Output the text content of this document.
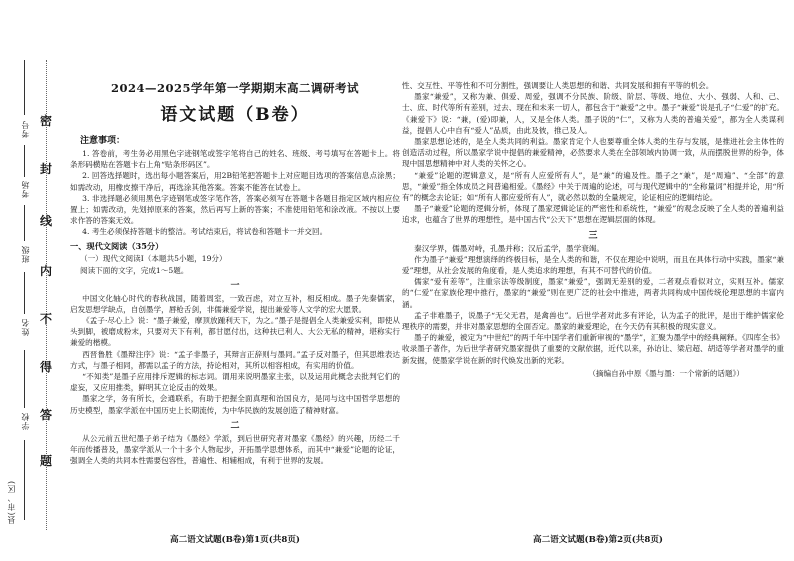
考号
考场
班级
姓名
学校
县(市、区)
密
封
线
内
不
得
答
题
2024—2025学年第一学期期末高二调研考试
语文试题（B卷）
注意事项：

1. 答卷前，考生务必用黑色字迹钢笔或签字笔将自己的姓名、班级、考号填写在答题卡上。将条形码横贴在答题卡右上角“贴条形码区”。

2. 回答选择题时，选出每小题答案后，用2B铅笔把答题卡上对应题目选项的答案信息点涂黑；如需改动，用橡皮擦干净后，再选涂其他答案。答案不能答在试卷上。

3. 非选择题必须用黑色字迹钢笔或签字笔作答，答案必须写在答题卡各题目指定区域内相应位置上；如需改动，先划掉原来的答案，然后再写上新的答案；不准使用铅笔和涂改液。不按以上要求作答的答案无效。

4. 考生必须保持答题卡的整洁。考试结束后，将试卷和答题卡一并交回。

一、现代文阅读（35分）
（一）现代文阅读Ⅰ（本题共5小题，19分）
阅读下面的文字，完成1～5题。
一

中国文化轴心时代的春秋战国，随着周室，一致百虑，对立互补，相反相成。墨子先秦儒家，启发思想学缺点，自创墨学，唇枪舌剑，非儒兼爱学说，提出兼爱等人文学的宏大愿景。

《孟子·尽心上》说：“墨子兼爱，摩顶放踵利天下，为之。”墨子是提倡全人类兼爱实利，即使从头到脚，被磨成粉末，只要对天下有利，都甘愿付出，这种扶已利人、大公无私的精神，堪称实行兼爱的楷模。

西晋鲁胜《墨辩注序》说：“孟子非墨子，其辩言正辞则与墨同。”孟子反对墨子，但其思维表达方式，与墨子相同，都需以孟子的方法，持论相对，其所以相容相成，有实用的价值。

“不知类”是墨子应用排斥逻辑的标志词。谓用来说明墨家主张，以及运用此概念去批判它们的虚妄，又应用推类，鲜明其立论反击的效果。

墨家之学，务有所长，会通联系，有助于把握全面真理和治国良方，是同与这中国哲学思想的历史模型，墨家学派在中国历史上长期流传，为中华民族的发展创造了精神财富。

二

从公元前五世纪墨子弟子结为《墨经》学派，到后世研究者对墨家《墨经》的兴趣，历经二千年而传播普及，墨家学派从一个十多个人物起步，开拓墨学思想体系，而其中“兼爱”论题的论证，强调全人类的共同本性需要包容性，普遍性、相辅相成，有利于世界的发展。

高二语文试题(B卷)第1页(共8页)

性、交互性、平等性和不可分割性，强调要让人类思想的和谐、共同发展和拥有平等的机会。

墨家“兼爱”，又称为兼、俱爱、周爱，强调不分民族、阶级、阶层、等级、地位、大小、强弱、人和、己、士、庶、时代等所有差别，过去、现在和未来一切人，都包含于“兼爱”之中。墨子“兼爱”说是孔子“仁爱”的扩充。《兼爱下》说：“兼，(爱)即兼，人，又是全体人类。墨子说的“仁”，又称为人类的普遍关爱”，都为全人类谋利益，提倡人心中自有“爱人”品质，由此及彼，推己及人。

墨家思想论述的，是全人类共同的利益。墨家肯定个人也要尊重全体人类的生存与发展，是推进社会主体性的创造活动过程，所以墨家学说中提倡的兼爱精神，必然要求人类在全部领域内协调一致，从而摆脱世界的纷争，体现中国思想精神中对人类的关怀之心。

“兼爱”论题的逻辑意义，是“所有人应爱所有人”，是“兼”的遍及性。墨子之“兼”，是“周遍”、“全部”的意思，“兼爱”指全体成员之间普遍相爱。《墨经》中关于周遍的论述，可与现代逻辑中的“全称量词”相提并论，用“所有”的概念去论证；如“所有人都应爱所有人”，就必然以数的全量规定，论证相应的逻辑结论。

墨子“兼爱”论题的逻辑分析，体现了墨家逻辑论证的严密性和系统性，“兼爱”的观念反映了全人类的普遍利益追求，也蕴含了世界的理想性，是中国古代“公天下”思想在逻辑层面的体现。

三

秦汉学界，儒墨对峙，孔墨并称；汉后孟学，墨学衰竭。

作为墨子“兼爱”理想演绎的终极目标，是全人类的和谐，不仅在理论中说明，而且在具体行动中实践，墨家“兼爱”理想，从社会发展的角度看，是人类追求的理想，有其不可替代的价值。

儒家“爱有差等”，注重宗法等级制度，墨家“兼爱”，强调无差别的爱，二者观点看似对立，实则互补。儒家的“仁爱”在家族伦理中推行，墨家的“兼爱”则在更广泛的社会中推进，两者共同构成中国传统伦理思想的丰富内涵。

孟子非难墨子，说墨子“无父无君，是禽兽也”。后世学者对此多有评论，认为孟子的批评，是出于维护儒家伦理秩序的需要，并非对墨家思想的全面否定。墨家的兼爱理论，在今天仍有其积极的现实意义。

墨子的兼爱，被定为“中世纪”的两千年中国学者们重新审视的“墨学”，汇聚为墨学中的经典阐释。《四库全书》收录墨子著作，为后世学者研究墨家提供了重要的文献依据，近代以来，孙诒让、梁启超、胡适等学者对墨学的重新发掘，使墨家学说在新的时代焕发出新的光彩。

（摘编自孙中原《墨与墨：一个常新的话题》）
高二语文试题(B卷)第2页(共8页)
